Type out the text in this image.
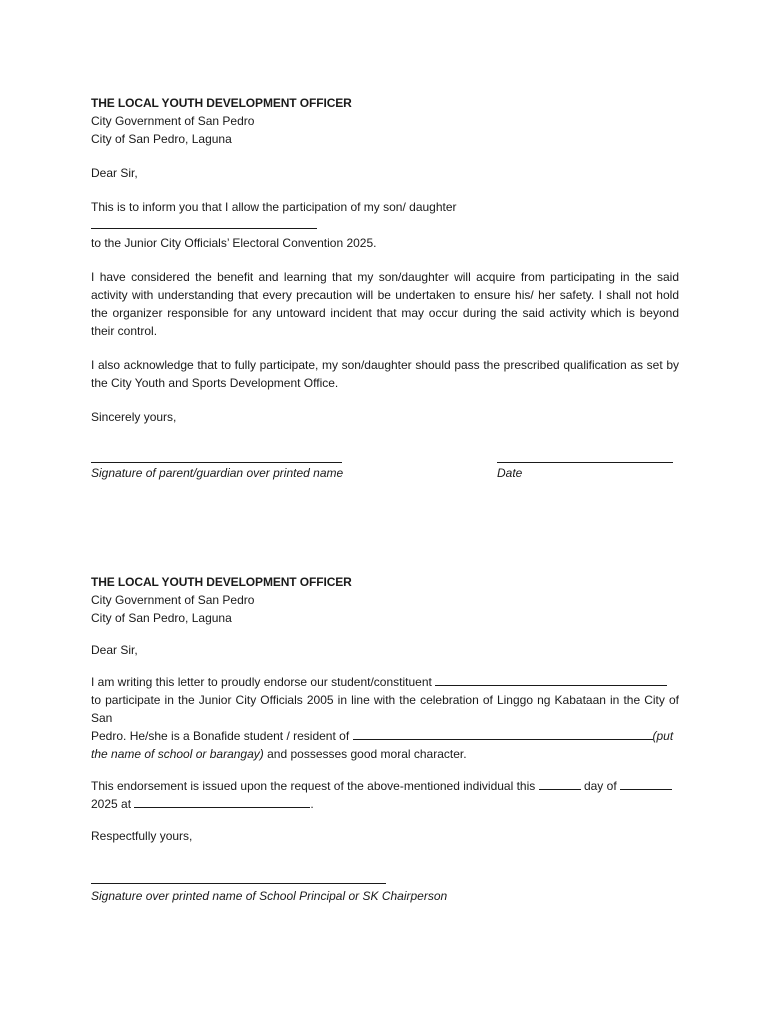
THE LOCAL YOUTH DEVELOPMENT OFFICER

City Government of San Pedro

City of San Pedro, Laguna

Dear Sir,

This is to inform you that I allow the participation of my son/ daughter

to the Junior City Officials’ Electoral Convention 2025.

I have considered the benefit and learning that my son/daughter will acquire from participating in the said activity with understanding that every precaution will be undertaken to ensure his/ her safety. I shall not hold the organizer responsible for any untoward incident that may occur during the said activity which is beyond their control.

I also acknowledge that to fully participate, my son/daughter should pass the prescribed qualification as set by the City Youth and Sports Development Office.

Sincerely yours,

Signature of parent/guardian over printed name	Date

THE LOCAL YOUTH DEVELOPMENT OFFICER

City Government of San Pedro

City of San Pedro, Laguna

Dear Sir,

I am writing this letter to proudly endorse our student/constituent

to participate in the Junior City Officials 2005 in line with the celebration of Linggo ng Kabataan in the City of San

Pedro. He/she is a Bonafide student / resident of	(put

the name of school or barangay) and possesses good moral character.

This endorsement is issued upon the request of the above-mentioned individual this	day of

2025 at	.

Respectfully yours,

Signature over printed name of School Principal or SK Chairperson
